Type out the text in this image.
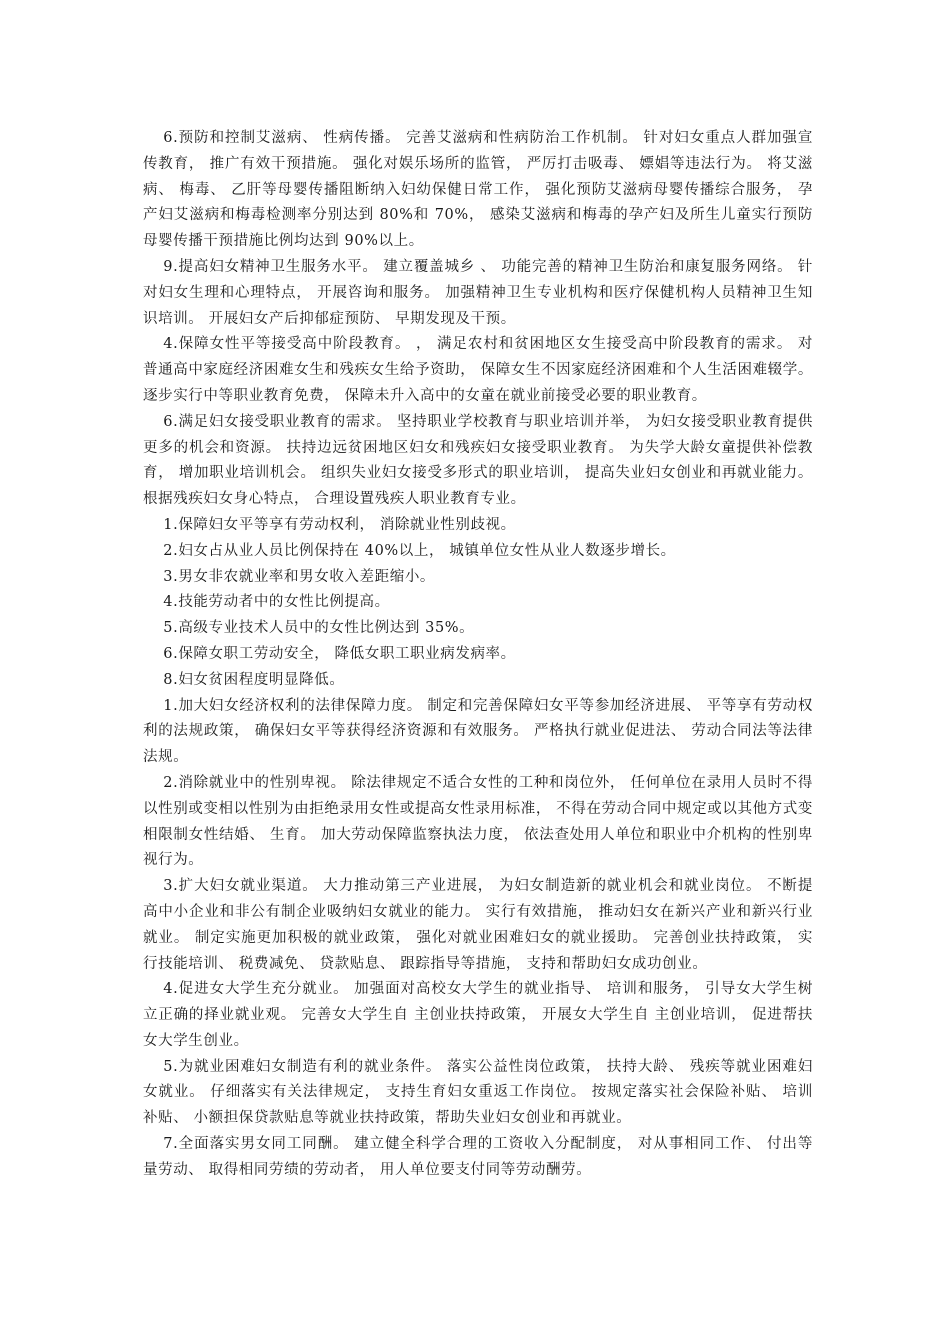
6.预防和控制艾滋病、 性病传播。 完善艾滋病和性病防治工作机制。 针对妇女重点人群加强宣传教育， 推广有效干预措施。 强化对娱乐场所的监管， 严厉打击吸毒、 嫖娼等违法行为。 将艾滋病、 梅毒、 乙肝等母婴传播阻断纳入妇幼保健日常工作， 强化预防艾滋病母婴传播综合服务， 孕产妇艾滋病和梅毒检测率分别达到 80%和 70%， 感染艾滋病和梅毒的孕产妇及所生儿童实行预防母婴传播干预措施比例均达到 90%以上。

9.提高妇女精神卫生服务水平。 建立覆盖城乡 、 功能完善的精神卫生防治和康复服务网络。 针对妇女生理和心理特点， 开展咨询和服务。 加强精神卫生专业机构和医疗保健机构人员精神卫生知识培训。 开展妇女产后抑郁症预防、 早期发现及干预。

4.保障女性平等接受高中阶段教育。 ， 满足农村和贫困地区女生接受高中阶段教育的需求。 对普通高中家庭经济困难女生和残疾女生给予资助， 保障女生不因家庭经济困难和个人生活困难辍学。 逐步实行中等职业教育免费， 保障未升入高中的女童在就业前接受必要的职业教育。

6.满足妇女接受职业教育的需求。 坚持职业学校教育与职业培训并举， 为妇女接受职业教育提供更多的机会和资源。 扶持边远贫困地区妇女和残疾妇女接受职业教育。 为失学大龄女童提供补偿教育， 增加职业培训机会。 组织失业妇女接受多形式的职业培训， 提高失业妇女创业和再就业能力。 根据残疾妇女身心特点， 合理设置残疾人职业教育专业。

1.保障妇女平等享有劳动权利， 消除就业性别歧视。

2.妇女占从业人员比例保持在 40%以上， 城镇单位女性从业人数逐步增长。

3.男女非农就业率和男女收入差距缩小。

4.技能劳动者中的女性比例提高。

5.高级专业技术人员中的女性比例达到 35%。

6.保障女职工劳动安全， 降低女职工职业病发病率。

8.妇女贫困程度明显降低。

1.加大妇女经济权利的法律保障力度。 制定和完善保障妇女平等参加经济进展、 平等享有劳动权利的法规政策， 确保妇女平等获得经济资源和有效服务。 严格执行就业促进法、 劳动合同法等法律法规。

2.消除就业中的性别卑视。 除法律规定不适合女性的工种和岗位外， 任何单位在录用人员时不得以性别或变相以性别为由拒绝录用女性或提高女性录用标准， 不得在劳动合同中规定或以其他方式变相限制女性结婚、 生育。 加大劳动保障监察执法力度， 依法查处用人单位和职业中介机构的性别卑视行为。

3.扩大妇女就业渠道。 大力推动第三产业进展， 为妇女制造新的就业机会和就业岗位。 不断提高中小企业和非公有制企业吸纳妇女就业的能力。 实行有效措施， 推动妇女在新兴产业和新兴行业就业。 制定实施更加积极的就业政策， 强化对就业困难妇女的就业援助。 完善创业扶持政策， 实行技能培训、 税费减免、 贷款贴息、 跟踪指导等措施， 支持和帮助妇女成功创业。

4.促进女大学生充分就业。 加强面对高校女大学生的就业指导、 培训和服务， 引导女大学生树立正确的择业就业观。 完善女大学生自 主创业扶持政策， 开展女大学生自 主创业培训， 促进帮扶女大学生创业。

5.为就业困难妇女制造有利的就业条件。 落实公益性岗位政策， 扶持大龄、 残疾等就业困难妇女就业。 仔细落实有关法律规定， 支持生育妇女重返工作岗位。 按规定落实社会保险补贴、 培训补贴、 小额担保贷款贴息等就业扶持政策，帮助失业妇女创业和再就业。

7.全面落实男女同工同酬。 建立健全科学合理的工资收入分配制度， 对从事相同工作、 付出等量劳动、 取得相同劳绩的劳动者， 用人单位要支付同等劳动酬劳。
